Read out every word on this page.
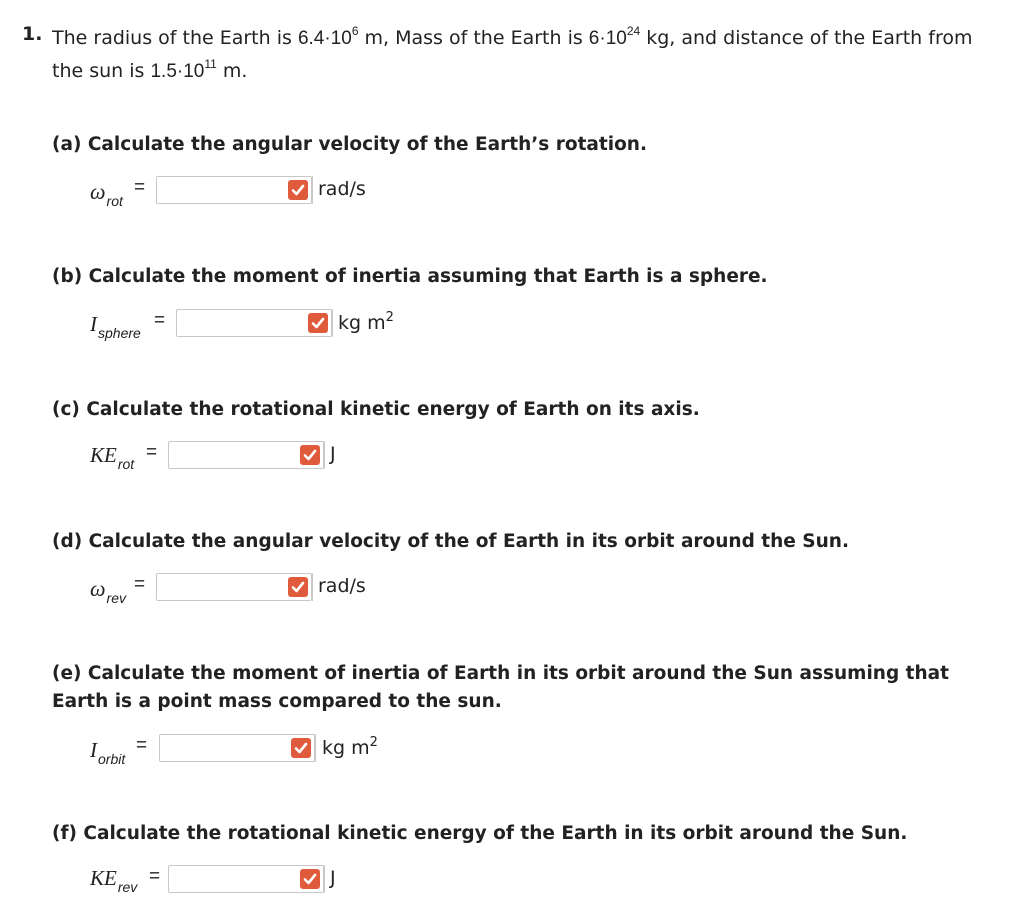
1. The radius of the Earth is $6.4\cdot 10^6$ m, Mass of the Earth is $6\cdot 10^{24}$ kg, and distance of the Earth from the sun is $1.5\cdot 10^{11}$ m.
(a) Calculate the angular velocity of the Earth’s rotation.
$\omega_{rot}$
=	rad/s
(b) Calculate the moment of inertia assuming that Earth is a sphere.
$I_{sphere}$
=	kg $m^2$
(c) Calculate the rotational kinetic energy of Earth on its axis.
$KE_{rot}$
=	J
(d) Calculate the angular velocity of the of Earth in its orbit around the Sun.
$\omega_{rev}$
=	rad/s
(e) Calculate the moment of inertia of Earth in its orbit around the Sun assuming that Earth is a point mass compared to the sun.
$I_{orbit}$
=	kg $m^2$
(f) Calculate the rotational kinetic energy of the Earth in its orbit around the Sun.
$KE_{rev}$ =	J
